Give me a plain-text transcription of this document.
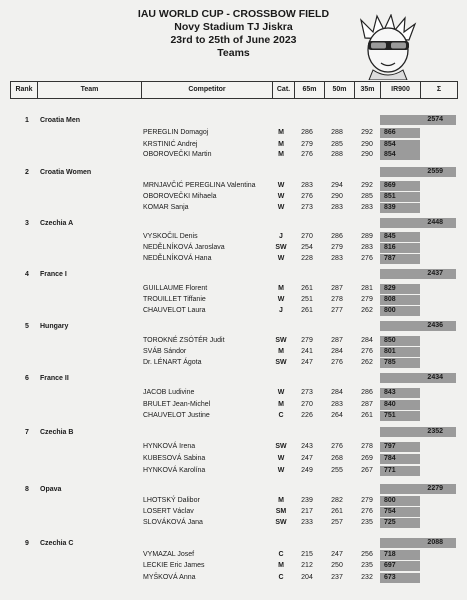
IAU WORLD CUP - CROSSBOW FIELD
Novy Stadium TJ Jiskra
23rd to 25th of June 2023
Teams
Rank	Team	Competitor	Cat.	65m	50m	35m	IR900	Σ
1 Croatia Men	2574
PEREGLIN Domagoj	M	286	288	292	866
KRSTINIĆ Andrej	M	279	285	290	854
OBOROVEČKI Martin	M	276	288	290	854
2 Croatia Women	2559
MRNJAVČIĆ PEREGLINA Valentina	W	283	294	292	869
OBOROVEČKI Mihaela	W	276	290	285	851
KOMAR Sanja	W	273	283	283	839
3 Czechia A	2448
VYSKOČIL Denis	J	270	286	289	845
NEDĚLNÍKOVÁ Jaroslava	SW	254	279	283	816
NEDĚLNÍKOVÁ Hana	W	228	283	276	787
4 France I	2437
GUILLAUME Florent	M	261	287	281	829
TROUILLET Tiffanie	W	251	278	279	808
CHAUVELOT Laura	J	261	277	262	800
5 Hungary	2436
TOROKNÉ ZSÓTÉR Judit	SW	279	287	284	850
SVÁB Sándor	M	241	284	276	801
Dr. LÉNART Ágota	SW	247	276	262	785
6 France II	2434
JACOB Ludivine	W	273	284	286	843
BRULET Jean-Michel	M	270	283	287	840
CHAUVELOT Justine	C	226	264	261	751
7 Czechia B	2352
HYNKOVÁ Irena	SW	243	276	278	797
KUBESOVÁ Sabina	W	247	268	269	784
HYNKOVÁ Karolína	W	249	255	267	771
8 Opava	2279
LHOTSKÝ Dalibor	M	239	282	279	800
LOSERT Václav	SM	217	261	276	754
SLOVÁKOVÁ Jana	SW	233	257	235	725
9 Czechia C	2088
VYMAZAL Josef	C	215	247	256	718
LECKIE Eric James	M	212	250	235	697
MYŠKOVÁ Anna	C	204	237	232	673
